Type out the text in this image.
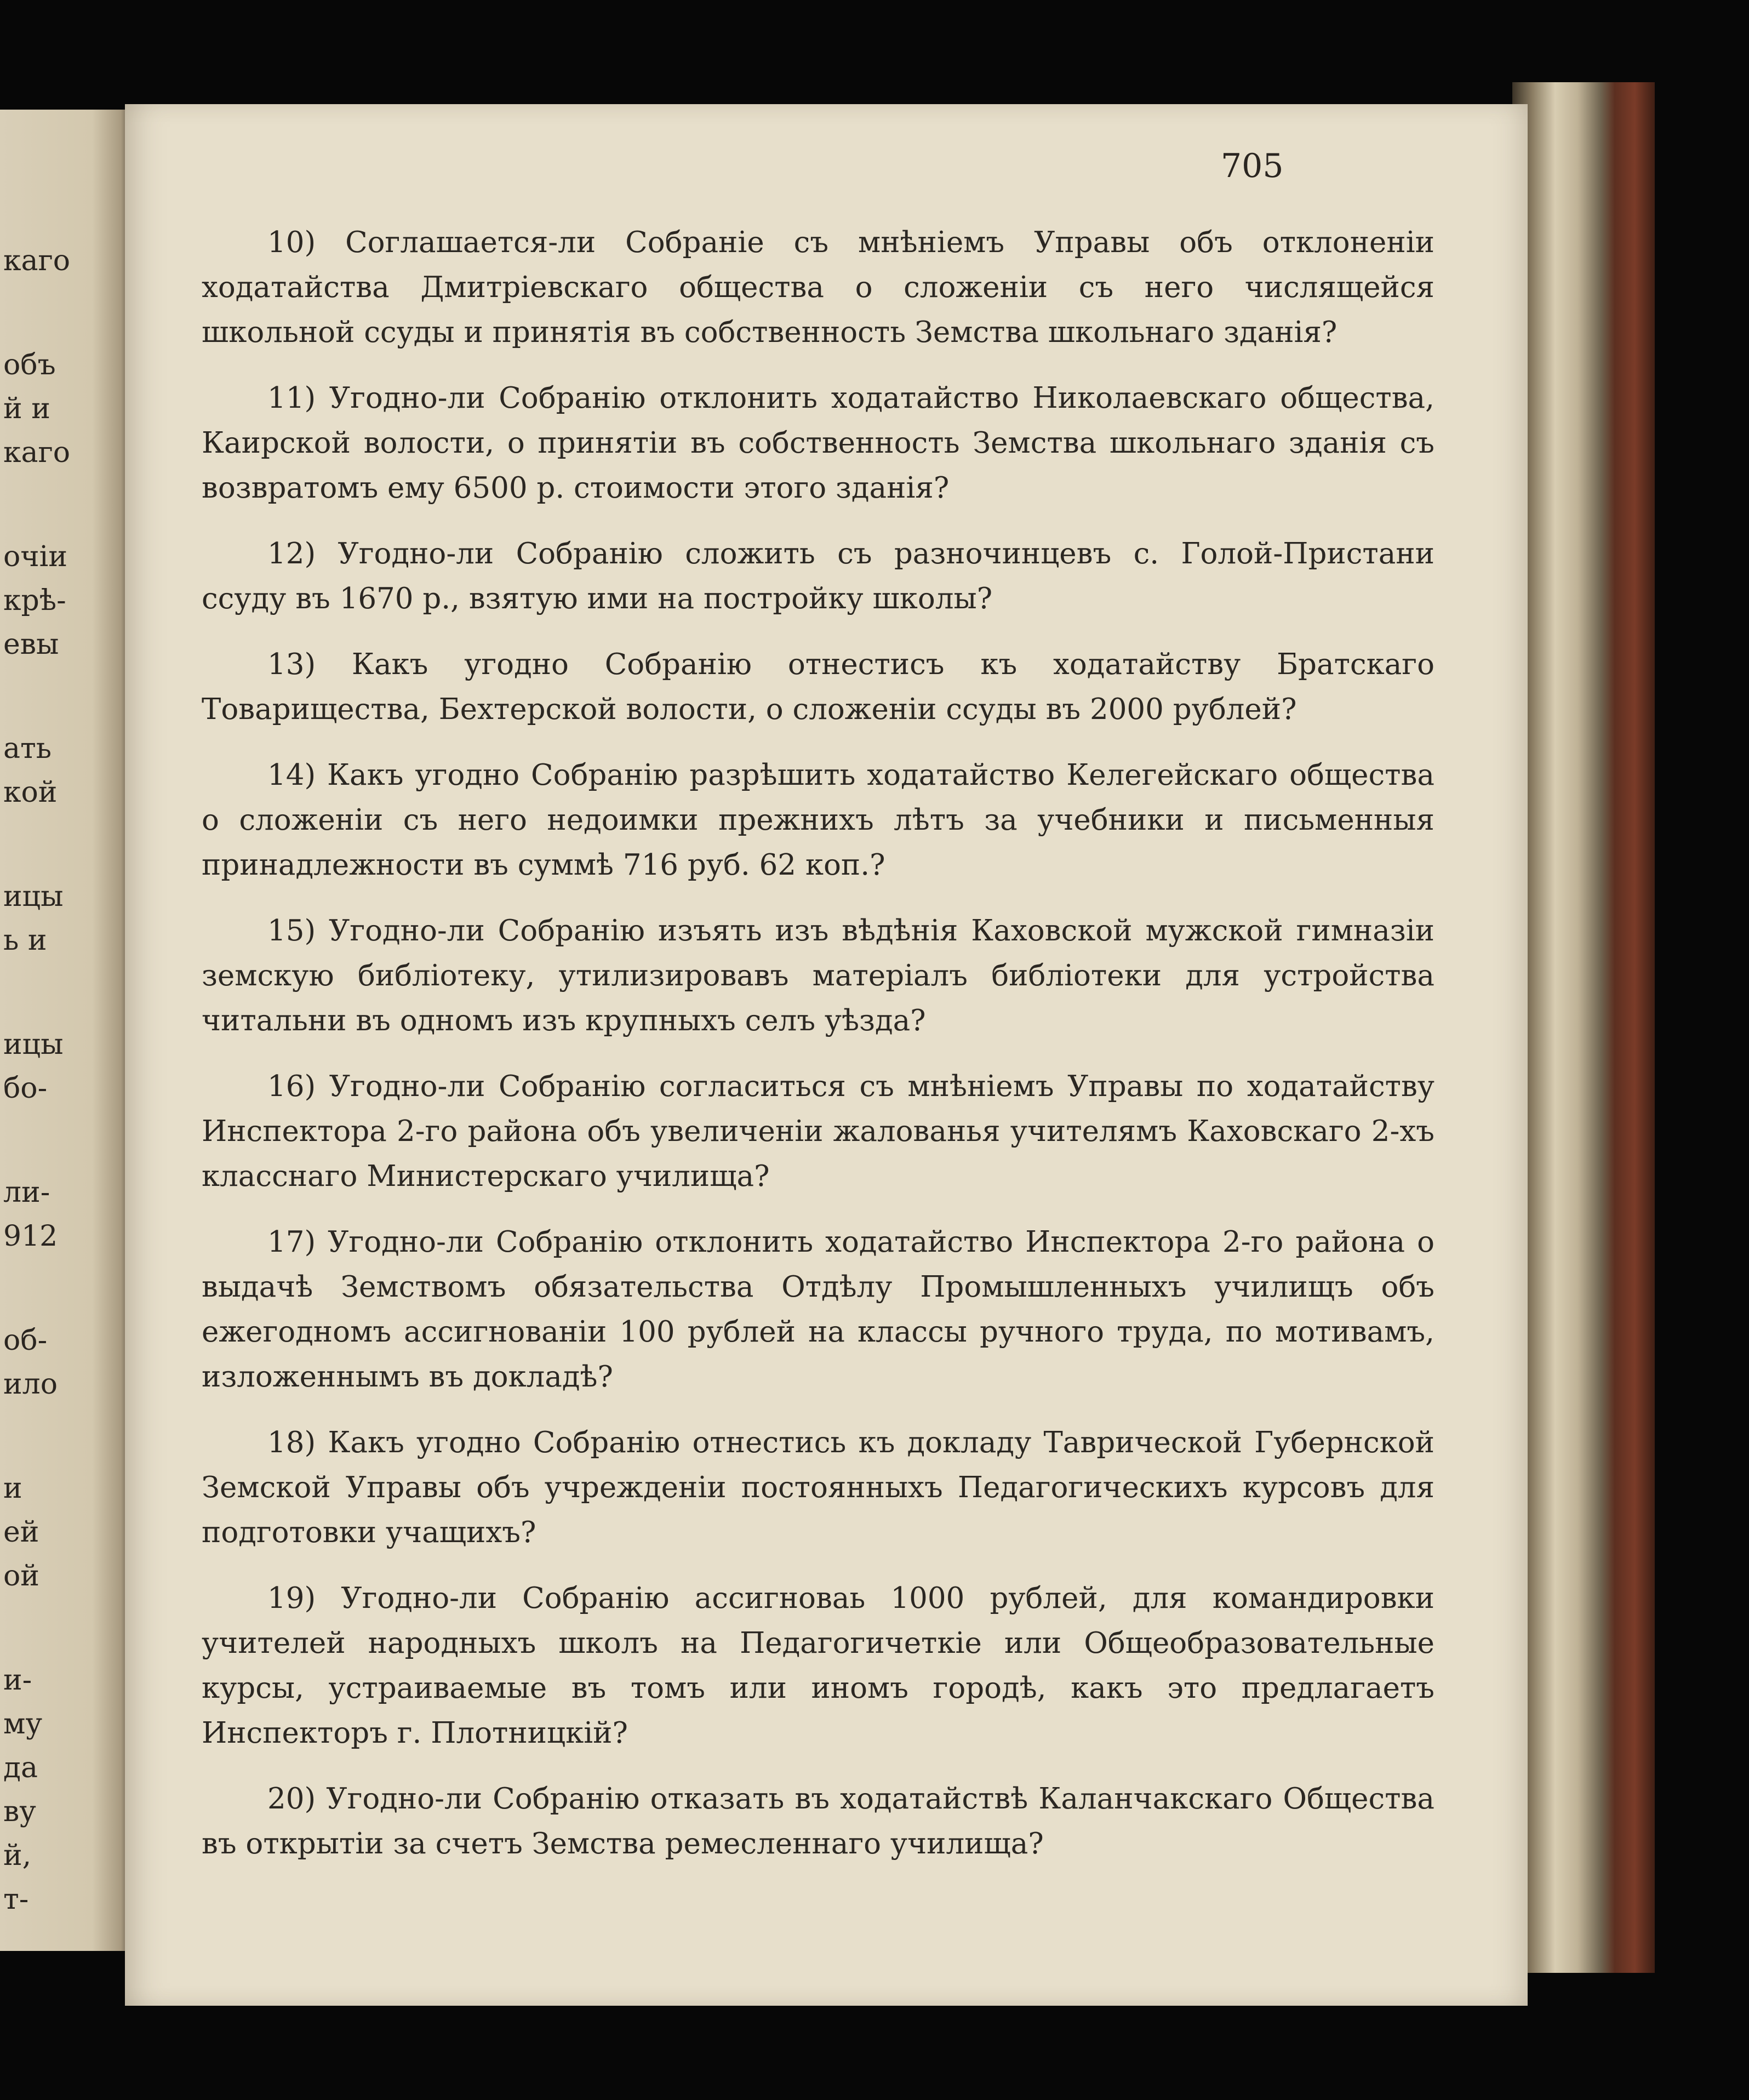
каго
объ
й и
каго
очіи
крѣ-
евы
ать
кой
ицы
ь и
ицы
бо-
ли-
912
об-
ило
и
ей
ой
и-
му
да
ву
й,
т-
705

10) Соглашается-ли Собраніе съ мнѣніемъ Управы объ отклоненіи ходатайства Дмитріевскаго общества о сложеніи съ него числящейся школьной ссуды и принятія въ собственность Земства школьнаго зданія?

11) Угодно-ли Собранію отклонить ходатайство Николаевскаго общества, Каирской волости, о принятіи въ собственность Земства школьнаго зданія съ возвратомъ ему 6500 р. стоимости этого зданія?

12) Угодно-ли Собранію сложить съ разночинцевъ с. Голой-Пристани ссуду въ 1670 р., взятую ими на постройку школы?

13) Какъ угодно Собранію отнестисъ къ ходатайству Братскаго Товарищества, Бехтерской волости, о сложеніи ссуды въ 2000 рублей?

14) Какъ угодно Собранію разрѣшить ходатайство Келегейскаго общества о сложеніи съ него недоимки прежнихъ лѣтъ за учебники и письменныя принадлежности въ суммѣ 716 руб. 62 коп.?

15) Угодно-ли Собранію изъять изъ вѣдѣнія Каховской мужской гимназіи земскую библіотеку, утилизировавъ матеріалъ библіотеки для устройства читальни въ одномъ изъ крупныхъ селъ уѣзда?

16) Угодно-ли Собранію согласиться съ мнѣніемъ Управы по ходатайству Инспектора 2-го района объ увеличеніи жалованья учителямъ Каховскаго 2-хъ класснаго Министерскаго училища?

17) Угодно-ли Собранію отклонить ходатайство Инспектора 2-го района о выдачѣ Земствомъ обязательства Отдѣлу Промышленныхъ училищъ объ ежегодномъ ассигнованіи 100 рублей на классы ручного труда, по мотивамъ, изложеннымъ въ докладѣ?

18) Какъ угодно Собранію отнестись къ докладу Таврической Губернской Земской Управы объ учрежденіи постоянныхъ Педагогическихъ курсовъ для подготовки учащихъ?

19) Угодно-ли Собранію ассигноваь 1000 рублей, для командировки учителей народныхъ школъ на Педагогичеткіе или Общеобразовательные курсы, устраиваемые въ томъ или иномъ городѣ, какъ это предлагаетъ Инспекторъ г. Плотницкій?

20) Угодно-ли Собранію отказать въ ходатайствѣ Каланчакскаго Общества въ открытіи за счетъ Земства ремесленнаго училища?
